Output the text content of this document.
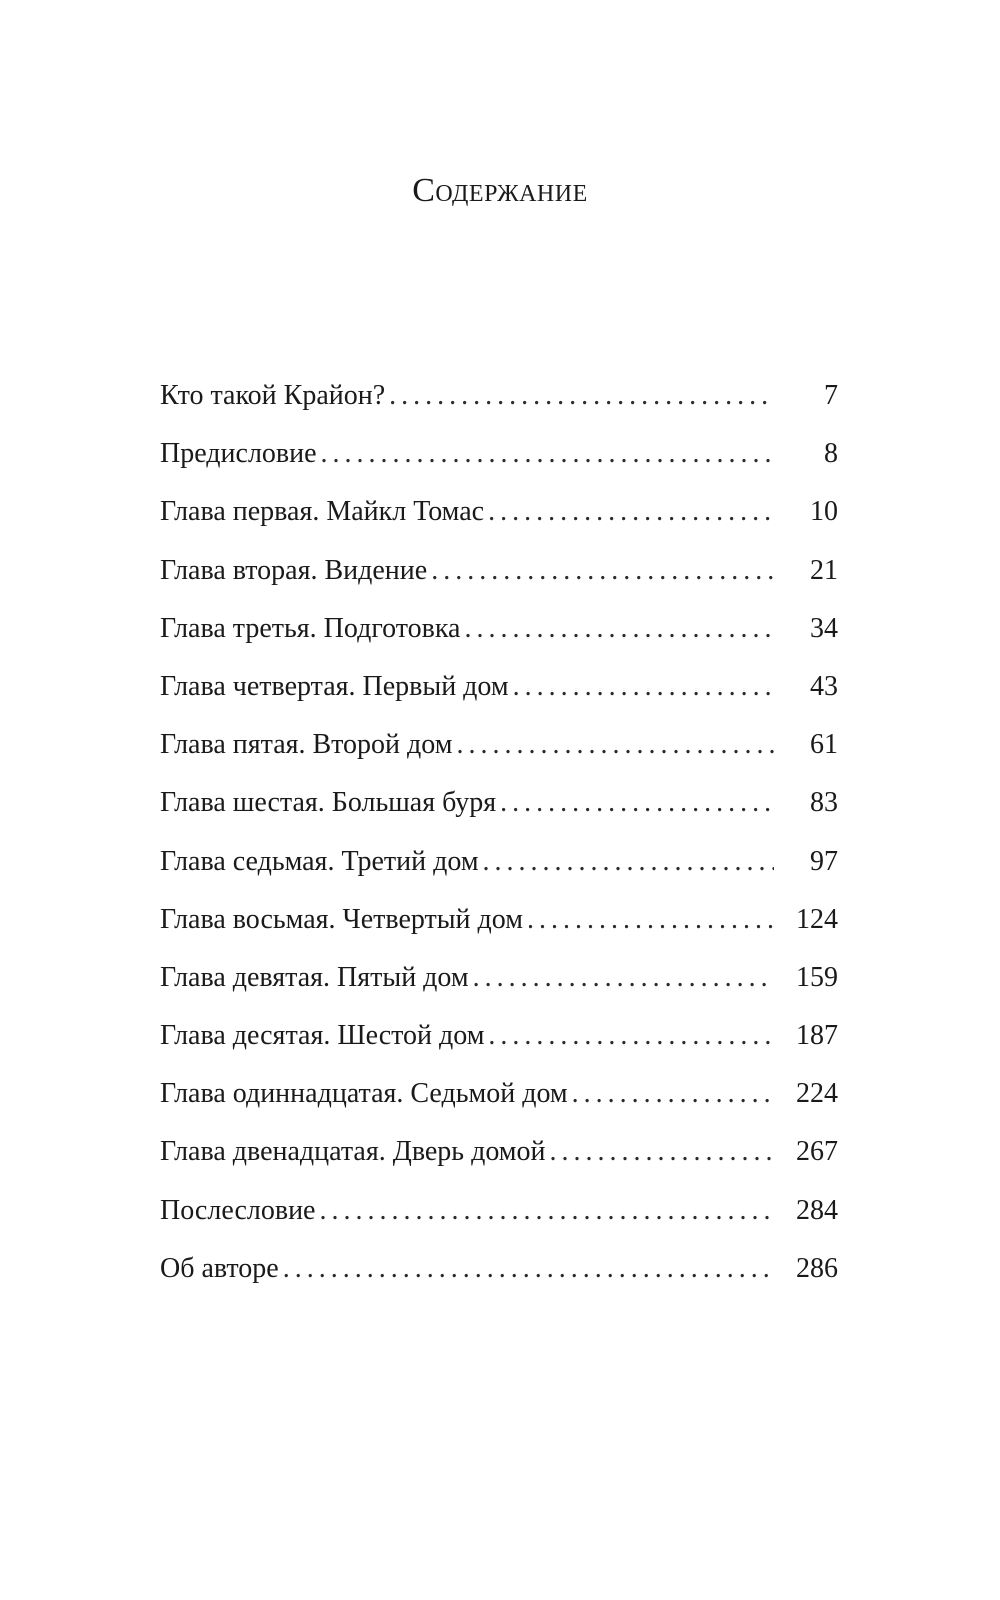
Содержание
Кто такой Крайон? . . .	7
Предисловие . . .	8
Глава первая. Майкл Томас . . .	10
Глава вторая. Видение . . .	21
Глава третья. Подготовка . . .	34
Глава четвертая. Первый дом . . .	43
Глава пятая. Второй дом . . .	61
Глава шестая. Большая буря . . .	83
Глава седьмая. Третий дом . . .	97
Глава восьмая. Четвертый дом . . .	124
Глава девятая. Пятый дом . . .	159
Глава десятая. Шестой дом . . .	187
Глава одиннадцатая. Седьмой дом . . .	224
Глава двенадцатая. Дверь домой . . .	267
Послесловие . . .	284
Об авторе . . .	286
